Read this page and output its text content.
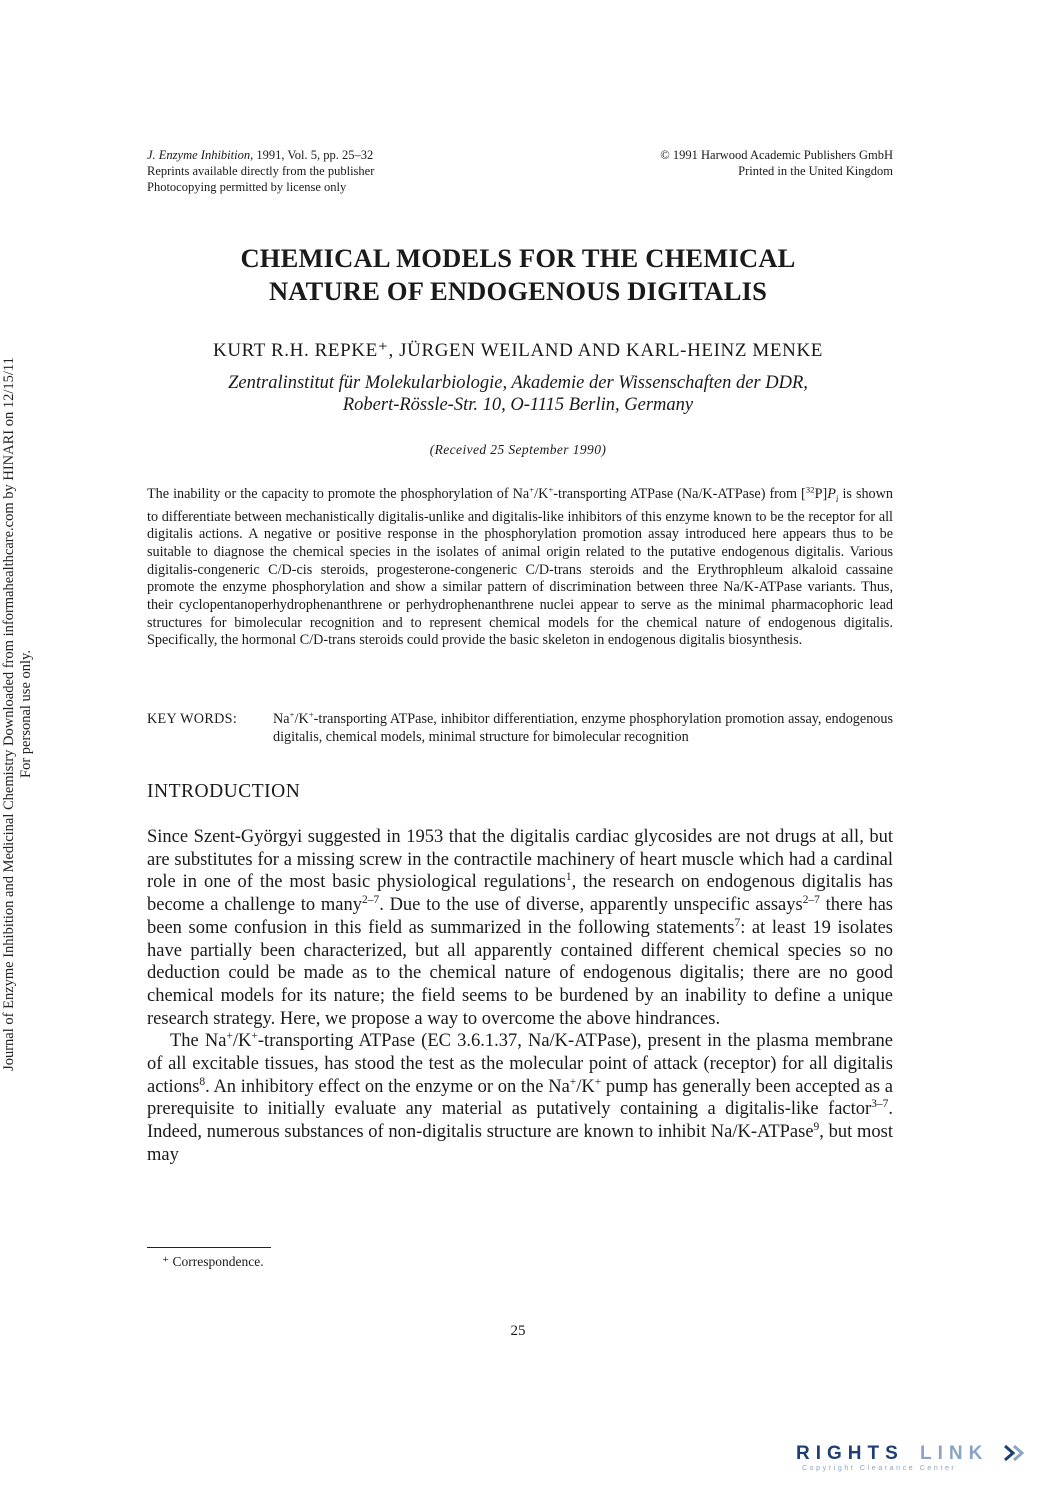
J. Enzyme Inhibition, 1991, Vol. 5, pp. 25–32
Reprints available directly from the publisher
Photocopying permitted by license only
© 1991 Harwood Academic Publishers GmbH
Printed in the United Kingdom
CHEMICAL MODELS FOR THE CHEMICAL
NATURE OF ENDOGENOUS DIGITALIS
KURT R.H. REPKE⁺, JÜRGEN WEILAND AND KARL-HEINZ MENKE
Zentralinstitut für Molekularbiologie, Akademie der Wissenschaften der DDR,
Robert-Rössle-Str. 10, O-1115 Berlin, Germany
(Received 25 September 1990)
The inability or the capacity to promote the phosphorylation of Na+/K+-transporting ATPase (Na/K-ATPase) from $[^{32}P]P_i$ is shown to differentiate between mechanistically digitalis-unlike and digitalis-like inhibitors of this enzyme known to be the receptor for all digitalis actions. A negative or positive response in the phosphorylation promotion assay introduced here appears thus to be suitable to diagnose the chemical species in the isolates of animal origin related to the putative endogenous digitalis. Various digitalis-congeneric C/D-cis steroids, progesterone-congeneric C/D-trans steroids and the Erythrophleum alkaloid cassaine promote the enzyme phosphorylation and show a similar pattern of discrimination between three Na/K-ATPase variants. Thus, their cyclopentanoperhydrophenanthrene or perhydrophenanthrene nuclei appear to serve as the minimal pharmacophoric lead structures for bimolecular recognition and to represent chemical models for the chemical nature of endogenous digitalis. Specifically, the hormonal C/D-trans steroids could provide the basic skeleton in endogenous digitalis biosynthesis.
KEY WORDS:	Na+/K+-transporting ATPase, inhibitor differentiation, enzyme phosphorylation promotion assay, endogenous digitalis, chemical models, minimal structure for bimolecular recognition
INTRODUCTION

Since Szent-Györgyi suggested in 1953 that the digitalis cardiac glycosides are not drugs at all, but are substitutes for a missing screw in the contractile machinery of heart muscle which had a cardinal role in one of the most basic physiological regulations$^1$, the research on endogenous digitalis has become a challenge to many$^{2-7}$. Due to the use of diverse, apparently unspecific assays$^{2-7}$ there has been some confusion in this field as summarized in the following statements$^7$: at least 19 isolates have partially been characterized, but all apparently contained different chemical species so no deduction could be made as to the chemical nature of endogenous digitalis; there are no good chemical models for its nature; the field seems to be burdened by an inability to define a unique research strategy. Here, we propose a way to overcome the above hindrances.

The Na+/K+-transporting ATPase (EC 3.6.1.37, Na/K-ATPase), present in the plasma membrane of all excitable tissues, has stood the test as the molecular point of attack (receptor) for all digitalis actions$^8$. An inhibitory effect on the enzyme or on the Na+/K+ pump has generally been accepted as a prerequisite to initially evaluate any material as putatively containing a digitalis-like factor$^{3-7}$. Indeed, numerous substances of non-digitalis structure are known to inhibit Na/K-ATPase$^9$, but most may

⁺ Correspondence.
25
Journal of Enzyme Inhibition and Medicinal Chemistry Downloaded from informahealthcare.com by HINARI on 12/15/11 For personal use only.
RIGHTS LINK
Copyright Clearance Center
